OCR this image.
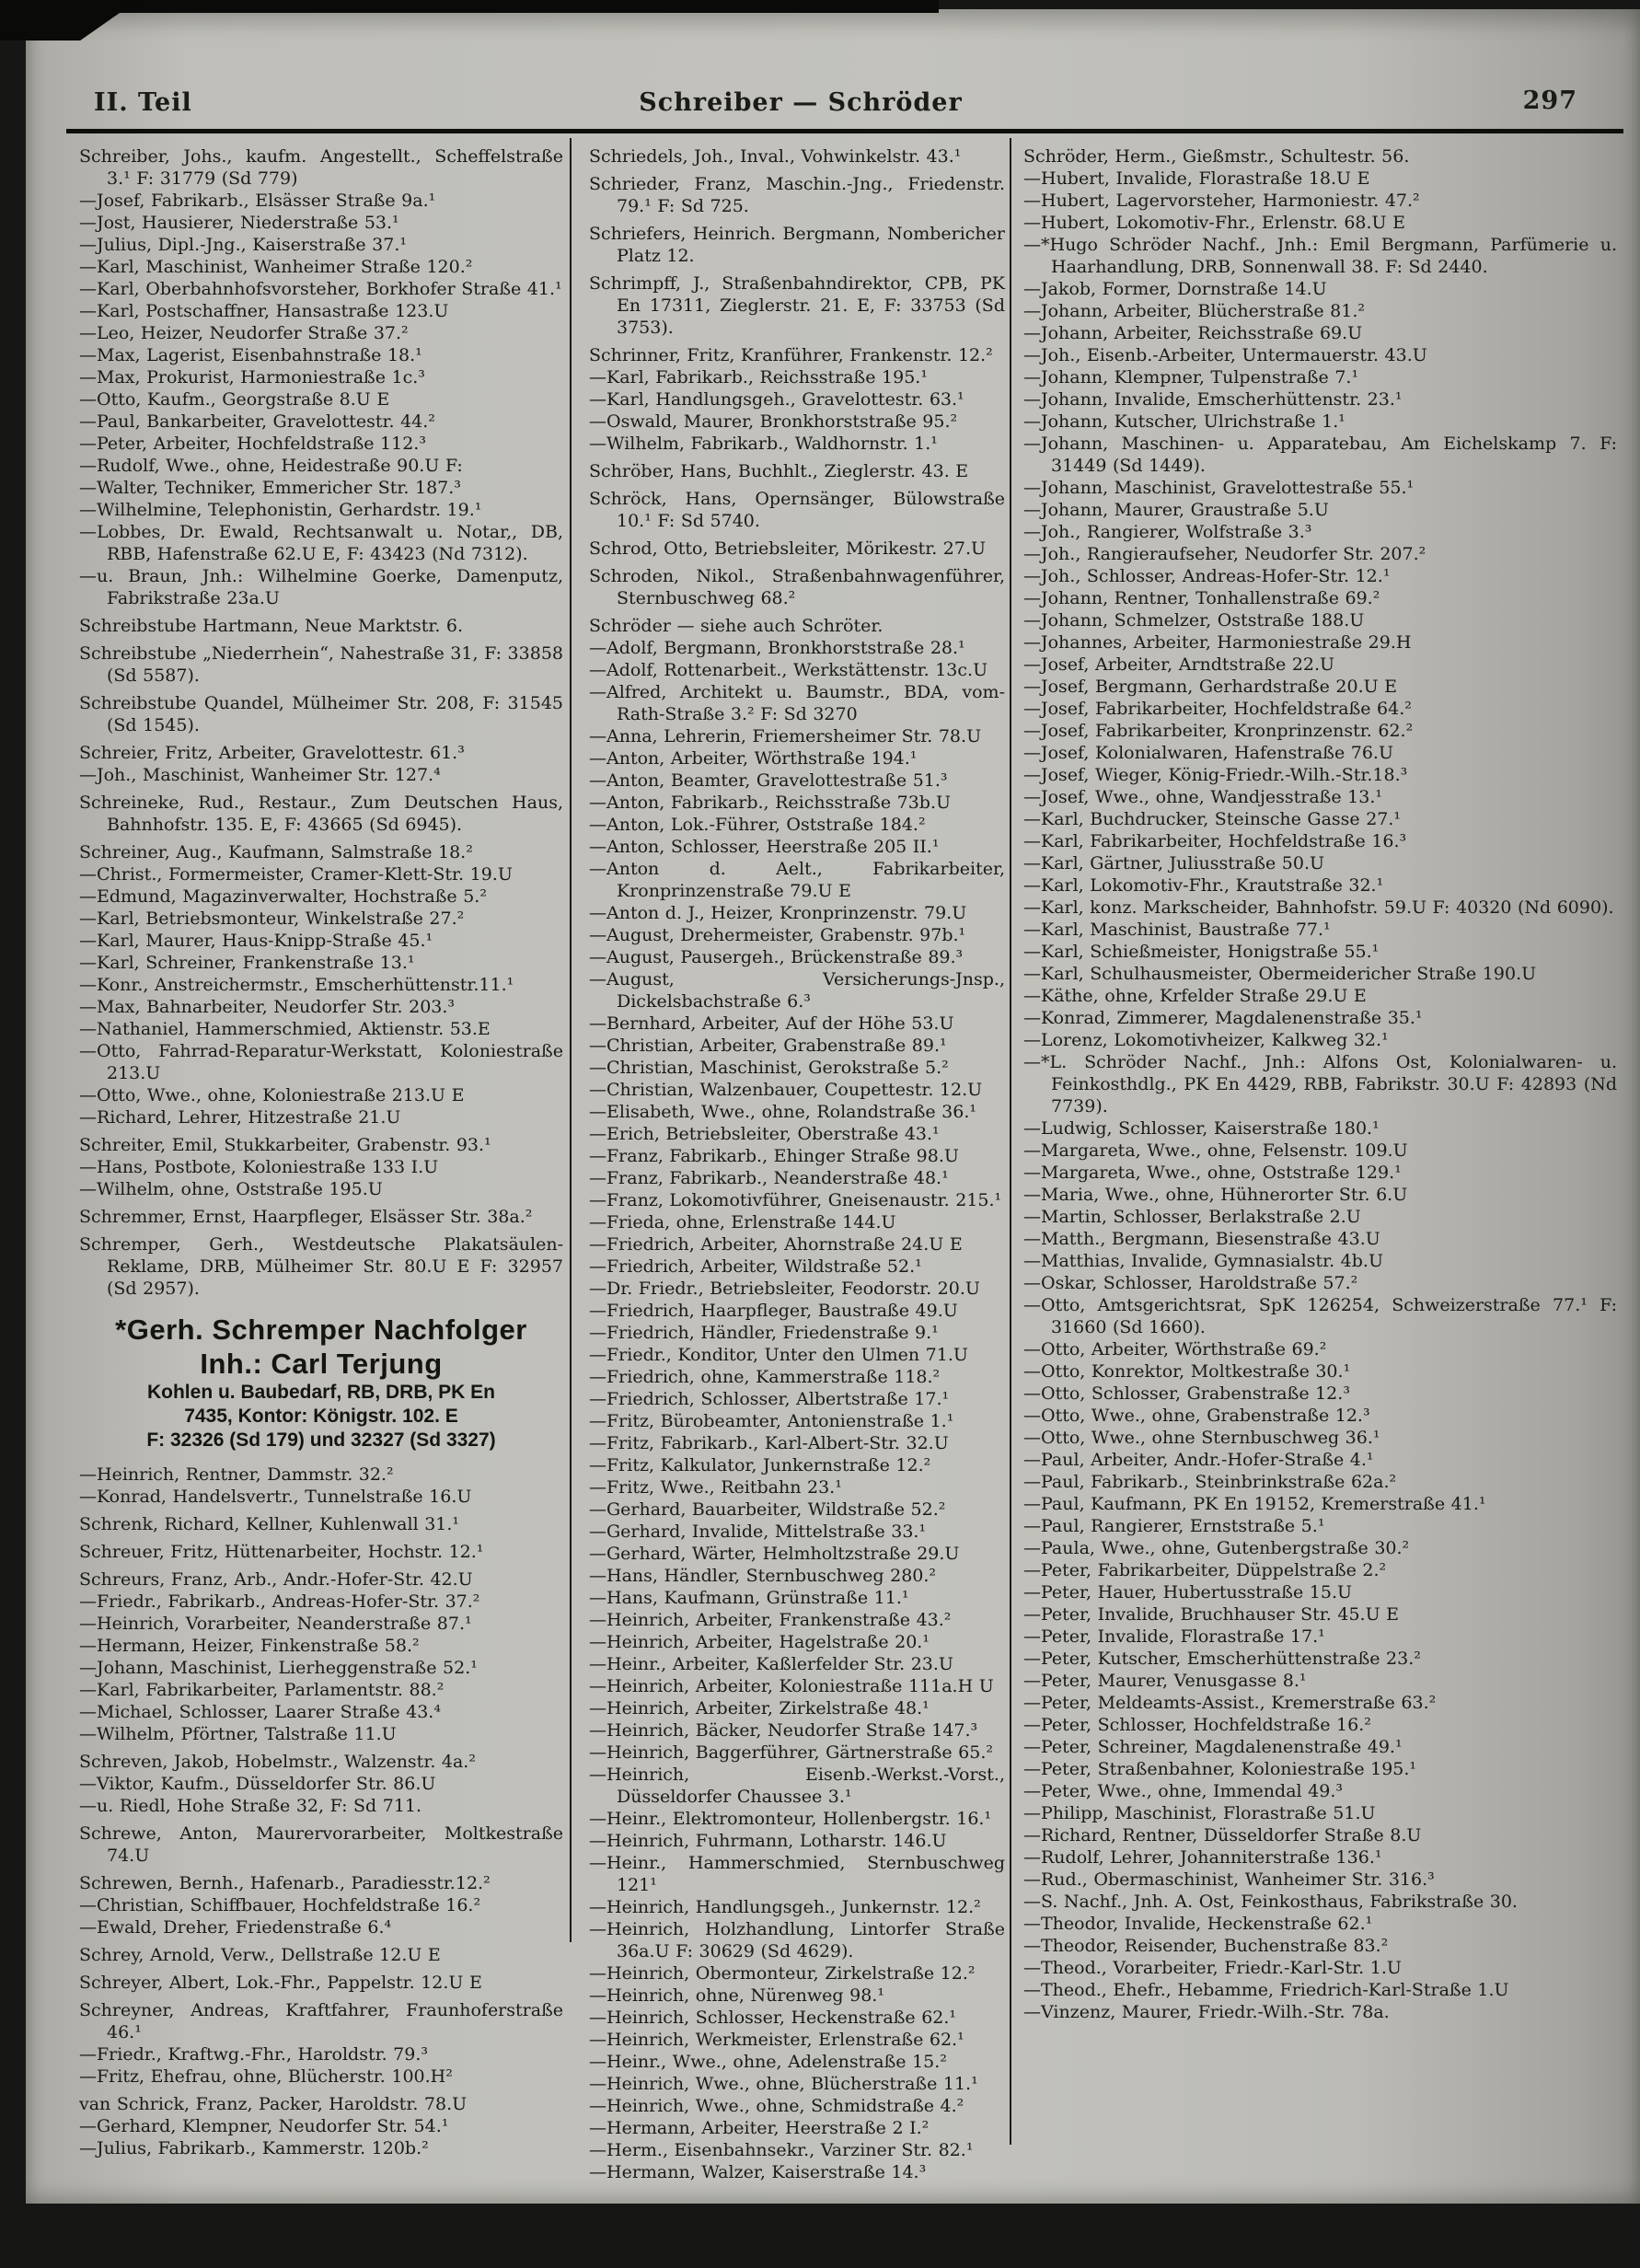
II. Teil	Schreiber — Schröder	297

Schreiber, Johs., kaufm. Angestellt., Scheffelstraße 3.¹ F: 31779 (Sd 779)

—Josef, Fabrikarb., Elsässer Straße 9a.¹

—Jost, Hausierer, Niederstraße 53.¹

—Julius, Dipl.-Jng., Kaiserstraße 37.¹

—Karl, Maschinist, Wanheimer Straße 120.²

—Karl, Oberbahnhofsvorsteher, Borkhofer Straße 41.¹

—Karl, Postschaffner, Hansastraße 123.U

—Leo, Heizer, Neudorfer Straße 37.²

—Max, Lagerist, Eisenbahnstraße 18.¹

—Max, Prokurist, Harmoniestraße 1c.³

—Otto, Kaufm., Georgstraße 8.U E

—Paul, Bankarbeiter, Gravelottestr. 44.²

—Peter, Arbeiter, Hochfeldstraße 112.³

—Rudolf, Wwe., ohne, Heidestraße 90.U F:

—Walter, Techniker, Emmericher Str. 187.³

—Wilhelmine, Telephonistin, Gerhardstr. 19.¹

—Lobbes, Dr. Ewald, Rechtsanwalt u. Notar,, DB, RBB, Hafenstraße 62.U E, F: 43423 (Nd 7312).

—u. Braun, Jnh.: Wilhelmine Goerke, Damenputz, Fabrikstraße 23a.U

Schreibstube Hartmann, Neue Marktstr. 6.

Schreibstube „Niederrhein“, Nahestraße 31, F: 33858 (Sd 5587).

Schreibstube Quandel, Mülheimer Str. 208, F: 31545 (Sd 1545).

Schreier, Fritz, Arbeiter, Gravelottestr. 61.³

—Joh., Maschinist, Wanheimer Str. 127.⁴

Schreineke, Rud., Restaur., Zum Deutschen Haus, Bahnhofstr. 135. E, F: 43665 (Sd 6945).

Schreiner, Aug., Kaufmann, Salmstraße 18.²

—Christ., Formermeister, Cramer-Klett-Str. 19.U

—Edmund, Magazinverwalter, Hochstraße 5.²

—Karl, Betriebsmonteur, Winkelstraße 27.²

—Karl, Maurer, Haus-Knipp-Straße 45.¹

—Karl, Schreiner, Frankenstraße 13.¹

—Konr., Anstreichermstr., Emscherhüttenstr.11.¹

—Max, Bahnarbeiter, Neudorfer Str. 203.³

—Nathaniel, Hammerschmied, Aktienstr. 53.E

—Otto, Fahrrad-Reparatur-Werkstatt, Koloniestraße 213.U

—Otto, Wwe., ohne, Koloniestraße 213.U E

—Richard, Lehrer, Hitzestraße 21.U

Schreiter, Emil, Stukkarbeiter, Grabenstr. 93.¹

—Hans, Postbote, Koloniestraße 133 I.U

—Wilhelm, ohne, Oststraße 195.U

Schremmer, Ernst, Haarpfleger, Elsässer Str. 38a.²

Schremper, Gerh., Westdeutsche Plakatsäulen-Reklame, DRB, Mülheimer Str. 80.U E F: 32957 (Sd 2957).

*Gerh. Schremper Nachfolger
Inh.: Carl Terjung
Kohlen u. Baubedarf, RB, DRB, PK En
7435, Kontor: Königstr. 102. E
F: 32326 (Sd 179) und 32327 (Sd 3327)

—Heinrich, Rentner, Dammstr. 32.²

—Konrad, Handelsvertr., Tunnelstraße 16.U

Schrenk, Richard, Kellner, Kuhlenwall 31.¹

Schreuer, Fritz, Hüttenarbeiter, Hochstr. 12.¹

Schreurs, Franz, Arb., Andr.-Hofer-Str. 42.U

—Friedr., Fabrikarb., Andreas-Hofer-Str. 37.²

—Heinrich, Vorarbeiter, Neanderstraße 87.¹

—Hermann, Heizer, Finkenstraße 58.²

—Johann, Maschinist, Lierheggenstraße 52.¹

—Karl, Fabrikarbeiter, Parlamentstr. 88.²

—Michael, Schlosser, Laarer Straße 43.⁴

—Wilhelm, Pförtner, Talstraße 11.U

Schreven, Jakob, Hobelmstr., Walzenstr. 4a.²

—Viktor, Kaufm., Düsseldorfer Str. 86.U

—u. Riedl, Hohe Straße 32, F: Sd 711.

Schrewe, Anton, Maurervorarbeiter, Moltkestraße 74.U

Schrewen, Bernh., Hafenarb., Paradiesstr.12.²

—Christian, Schiffbauer, Hochfeldstraße 16.²

—Ewald, Dreher, Friedenstraße 6.⁴

Schrey, Arnold, Verw., Dellstraße 12.U E

Schreyer, Albert, Lok.-Fhr., Pappelstr. 12.U E

Schreyner, Andreas, Kraftfahrer, Fraunhoferstraße 46.¹

—Friedr., Kraftwg.-Fhr., Haroldstr. 79.³

—Fritz, Ehefrau, ohne, Blücherstr. 100.H²

van Schrick, Franz, Packer, Haroldstr. 78.U

—Gerhard, Klempner, Neudorfer Str. 54.¹

—Julius, Fabrikarb., Kammerstr. 120b.²

Schriedels, Joh., Inval., Vohwinkelstr. 43.¹

Schrieder, Franz, Maschin.-Jng., Friedenstr. 79.¹ F: Sd 725.

Schriefers, Heinrich. Bergmann, Nombericher Platz 12.

Schrimpff, J., Straßenbahndirektor, CPB, PK En 17311, Zieglerstr. 21. E, F: 33753 (Sd 3753).

Schrinner, Fritz, Kranführer, Frankenstr. 12.²

—Karl, Fabrikarb., Reichsstraße 195.¹

—Karl, Handlungsgeh., Gravelottestr. 63.¹

—Oswald, Maurer, Bronkhorststraße 95.²

—Wilhelm, Fabrikarb., Waldhornstr. 1.¹

Schröber, Hans, Buchhlt., Zieglerstr. 43. E

Schröck, Hans, Opernsänger, Bülowstraße 10.¹ F: Sd 5740.

Schrod, Otto, Betriebsleiter, Mörikestr. 27.U

Schroden, Nikol., Straßenbahnwagenführer, Sternbuschweg 68.²

Schröder — siehe auch Schröter.

—Adolf, Bergmann, Bronkhorststraße 28.¹

—Adolf, Rottenarbeit., Werkstättenstr. 13c.U

—Alfred, Architekt u. Baumstr., BDA, vom-Rath-Straße 3.² F: Sd 3270

—Anna, Lehrerin, Friemersheimer Str. 78.U

—Anton, Arbeiter, Wörthstraße 194.¹

—Anton, Beamter, Gravelottestraße 51.³

—Anton, Fabrikarb., Reichsstraße 73b.U

—Anton, Lok.-Führer, Oststraße 184.²

—Anton, Schlosser, Heerstraße 205 II.¹

—Anton d. Aelt., Fabrikarbeiter, Kronprinzenstraße 79.U E

—Anton d. J., Heizer, Kronprinzenstr. 79.U

—August, Drehermeister, Grabenstr. 97b.¹

—August, Pausergeh., Brückenstraße 89.³

—August, Versicherungs-Jnsp., Dickelsbachstraße 6.³

—Bernhard, Arbeiter, Auf der Höhe 53.U

—Christian, Arbeiter, Grabenstraße 89.¹

—Christian, Maschinist, Gerokstraße 5.²

—Christian, Walzenbauer, Coupettestr. 12.U

—Elisabeth, Wwe., ohne, Rolandstraße 36.¹

—Erich, Betriebsleiter, Oberstraße 43.¹

—Franz, Fabrikarb., Ehinger Straße 98.U

—Franz, Fabrikarb., Neanderstraße 48.¹

—Franz, Lokomotivführer, Gneisenaustr. 215.¹

—Frieda, ohne, Erlenstraße 144.U

—Friedrich, Arbeiter, Ahornstraße 24.U E

—Friedrich, Arbeiter, Wildstraße 52.¹

—Dr. Friedr., Betriebsleiter, Feodorstr. 20.U

—Friedrich, Haarpfleger, Baustraße 49.U

—Friedrich, Händler, Friedenstraße 9.¹

—Friedr., Konditor, Unter den Ulmen 71.U

—Friedrich, ohne, Kammerstraße 118.²

—Friedrich, Schlosser, Albertstraße 17.¹

—Fritz, Bürobeamter, Antonienstraße 1.¹

—Fritz, Fabrikarb., Karl-Albert-Str. 32.U

—Fritz, Kalkulator, Junkernstraße 12.²

—Fritz, Wwe., Reitbahn 23.¹

—Gerhard, Bauarbeiter, Wildstraße 52.²

—Gerhard, Invalide, Mittelstraße 33.¹

—Gerhard, Wärter, Helmholtzstraße 29.U

—Hans, Händler, Sternbuschweg 280.²

—Hans, Kaufmann, Grünstraße 11.¹

—Heinrich, Arbeiter, Frankenstraße 43.²

—Heinrich, Arbeiter, Hagelstraße 20.¹

—Heinr., Arbeiter, Kaßlerfelder Str. 23.U

—Heinrich, Arbeiter, Koloniestraße 111a.H U

—Heinrich, Arbeiter, Zirkelstraße 48.¹

—Heinrich, Bäcker, Neudorfer Straße 147.³

—Heinrich, Baggerführer, Gärtnerstraße 65.²

—Heinrich, Eisenb.-Werkst.-Vorst., Düsseldorfer Chaussee 3.¹

—Heinr., Elektromonteur, Hollenbergstr. 16.¹

—Heinrich, Fuhrmann, Lotharstr. 146.U

—Heinr., Hammerschmied, Sternbuschweg 121¹

—Heinrich, Handlungsgeh., Junkernstr. 12.²

—Heinrich, Holzhandlung, Lintorfer Straße 36a.U F: 30629 (Sd 4629).

—Heinrich, Obermonteur, Zirkelstraße 12.²

—Heinrich, ohne, Nürenweg 98.¹

—Heinrich, Schlosser, Heckenstraße 62.¹

—Heinrich, Werkmeister, Erlenstraße 62.¹

—Heinr., Wwe., ohne, Adelenstraße 15.²

—Heinrich, Wwe., ohne, Blücherstraße 11.¹

—Heinrich, Wwe., ohne, Schmidstraße 4.²

—Hermann, Arbeiter, Heerstraße 2 I.²

—Herm., Eisenbahnsekr., Varziner Str. 82.¹

—Hermann, Walzer, Kaiserstraße 14.³

Schröder, Herm., Gießmstr., Schultestr. 56.

—Hubert, Invalide, Florastraße 18.U E

—Hubert, Lagervorsteher, Harmoniestr. 47.²

—Hubert, Lokomotiv-Fhr., Erlenstr. 68.U E

—*Hugo Schröder Nachf., Jnh.: Emil Bergmann, Parfümerie u. Haarhandlung, DRB, Sonnenwall 38. F: Sd 2440.

—Jakob, Former, Dornstraße 14.U

—Johann, Arbeiter, Blücherstraße 81.²

—Johann, Arbeiter, Reichsstraße 69.U

—Joh., Eisenb.-Arbeiter, Untermauerstr. 43.U

—Johann, Klempner, Tulpenstraße 7.¹

—Johann, Invalide, Emscherhüttenstr. 23.¹

—Johann, Kutscher, Ulrichstraße 1.¹

—Johann, Maschinen- u. Apparatebau, Am Eichelskamp 7. F: 31449 (Sd 1449).

—Johann, Maschinist, Gravelottestraße 55.¹

—Johann, Maurer, Graustraße 5.U

—Joh., Rangierer, Wolfstraße 3.³

—Joh., Rangieraufseher, Neudorfer Str. 207.²

—Joh., Schlosser, Andreas-Hofer-Str. 12.¹

—Johann, Rentner, Tonhallenstraße 69.²

—Johann, Schmelzer, Oststraße 188.U

—Johannes, Arbeiter, Harmoniestraße 29.H

—Josef, Arbeiter, Arndtstraße 22.U

—Josef, Bergmann, Gerhardstraße 20.U E

—Josef, Fabrikarbeiter, Hochfeldstraße 64.²

—Josef, Fabrikarbeiter, Kronprinzenstr. 62.²

—Josef, Kolonialwaren, Hafenstraße 76.U

—Josef, Wieger, König-Friedr.-Wilh.-Str.18.³

—Josef, Wwe., ohne, Wandjesstraße 13.¹

—Karl, Buchdrucker, Steinsche Gasse 27.¹

—Karl, Fabrikarbeiter, Hochfeldstraße 16.³

—Karl, Gärtner, Juliusstraße 50.U

—Karl, Lokomotiv-Fhr., Krautstraße 32.¹

—Karl, konz. Markscheider, Bahnhofstr. 59.U F: 40320 (Nd 6090).

—Karl, Maschinist, Baustraße 77.¹

—Karl, Schießmeister, Honigstraße 55.¹

—Karl, Schulhausmeister, Obermeidericher Straße 190.U

—Käthe, ohne, Krfelder Straße 29.U E

—Konrad, Zimmerer, Magdalenenstraße 35.¹

—Lorenz, Lokomotivheizer, Kalkweg 32.¹

—*L. Schröder Nachf., Jnh.: Alfons Ost, Kolonialwaren- u. Feinkosthdlg., PK En 4429, RBB, Fabrikstr. 30.U F: 42893 (Nd 7739).

—Ludwig, Schlosser, Kaiserstraße 180.¹

—Margareta, Wwe., ohne, Felsenstr. 109.U

—Margareta, Wwe., ohne, Oststraße 129.¹

—Maria, Wwe., ohne, Hühnerorter Str. 6.U

—Martin, Schlosser, Berlakstraße 2.U

—Matth., Bergmann, Biesenstraße 43.U

—Matthias, Invalide, Gymnasialstr. 4b.U

—Oskar, Schlosser, Haroldstraße 57.²

—Otto, Amtsgerichtsrat, SpK 126254, Schweizerstraße 77.¹ F: 31660 (Sd 1660).

—Otto, Arbeiter, Wörthstraße 69.²

—Otto, Konrektor, Moltkestraße 30.¹

—Otto, Schlosser, Grabenstraße 12.³

—Otto, Wwe., ohne, Grabenstraße 12.³

—Otto, Wwe., ohne Sternbuschweg 36.¹

—Paul, Arbeiter, Andr.-Hofer-Straße 4.¹

—Paul, Fabrikarb., Steinbrinkstraße 62a.²

—Paul, Kaufmann, PK En 19152, Kremerstraße 41.¹

—Paul, Rangierer, Ernststraße 5.¹

—Paula, Wwe., ohne, Gutenbergstraße 30.²

—Peter, Fabrikarbeiter, Düppelstraße 2.²

—Peter, Hauer, Hubertusstraße 15.U

—Peter, Invalide, Bruchhauser Str. 45.U E

—Peter, Invalide, Florastraße 17.¹

—Peter, Kutscher, Emscherhüttenstraße 23.²

—Peter, Maurer, Venusgasse 8.¹

—Peter, Meldeamts-Assist., Kremerstraße 63.²

—Peter, Schlosser, Hochfeldstraße 16.²

—Peter, Schreiner, Magdalenenstraße 49.¹

—Peter, Straßenbahner, Koloniestraße 195.¹

—Peter, Wwe., ohne, Immendal 49.³

—Philipp, Maschinist, Florastraße 51.U

—Richard, Rentner, Düsseldorfer Straße 8.U

—Rudolf, Lehrer, Johanniterstraße 136.¹

—Rud., Obermaschinist, Wanheimer Str. 316.³

—S. Nachf., Jnh. A. Ost, Feinkosthaus, Fabrikstraße 30.

—Theodor, Invalide, Heckenstraße 62.¹

—Theodor, Reisender, Buchenstraße 83.²

—Theod., Vorarbeiter, Friedr.-Karl-Str. 1.U

—Theod., Ehefr., Hebamme, Friedrich-Karl-Straße 1.U

—Vinzenz, Maurer, Friedr.-Wilh.-Str. 78a.
